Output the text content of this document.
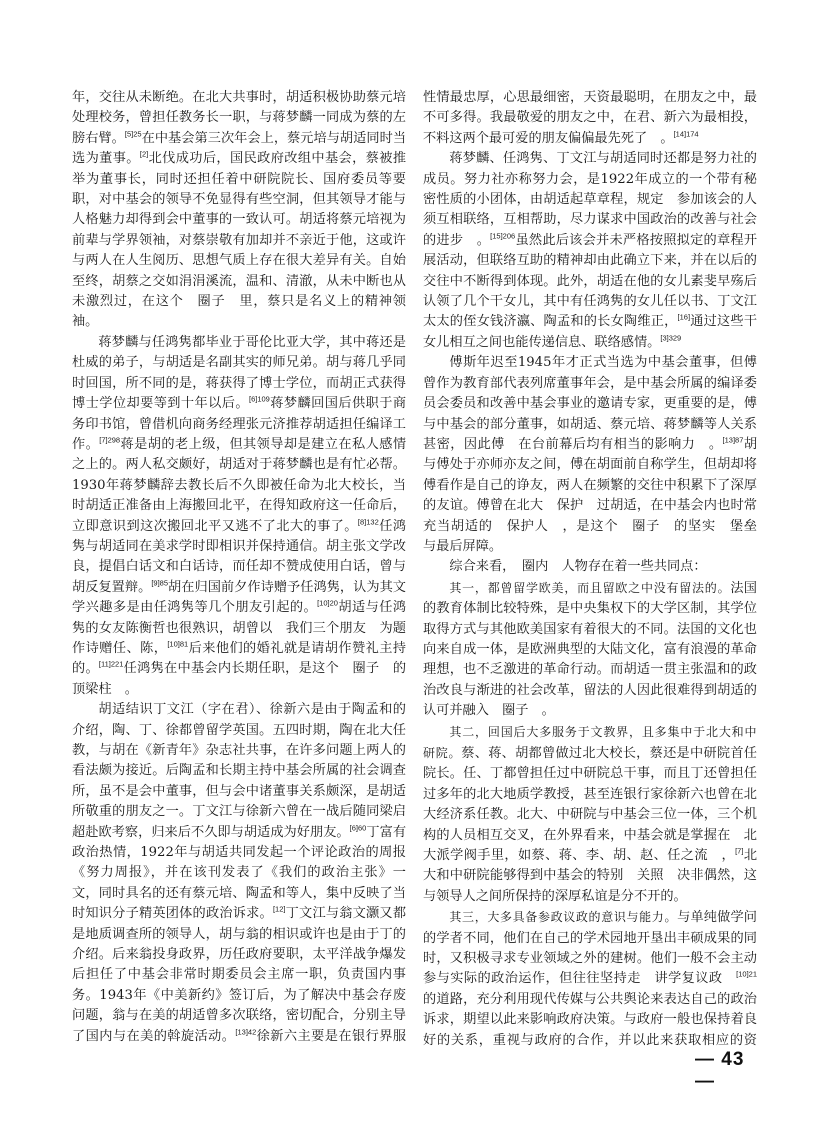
年，交往从未断绝。在北大共事时，胡适积极协助蔡元培处理校务，曾担任教务长一职，与蒋梦麟一同成为蔡的左膀右臂。$^{[5]25}$在中基会第三次年会上，蔡元培与胡适同时当选为董事。[2]北伐成功后，国民政府改组中基会，蔡被推举为董事长，同时还担任着中研院院长、国府委员等要职，对中基会的领导不免显得有些空洞，但其领导才能与人格魅力却得到会中董事的一致认可。胡适将蔡元培视为前辈与学界领袖，对蔡崇敬有加却并不亲近于他，这或许与两人在人生阅历、思想气质上存在很大差异有关。自始至终，胡蔡之交如涓涓溪流，温和、清澈，从未中断也从未激烈过，在这个　圈子　里，蔡只是名义上的精神领袖。

蒋梦麟与任鸿隽都毕业于哥伦比亚大学，其中蒋还是杜威的弟子，与胡适是名副其实的师兄弟。胡与蒋几乎同时回国，所不同的是，蒋获得了博士学位，而胡正式获得博士学位却要等到十年以后。$^{[6]109}$蒋梦麟回国后供职于商务印书馆，曾借机向商务经理张元济推荐胡适担任编译工作。$^{[7]298}$蒋是胡的老上级，但其领导却是建立在私人感情之上的。两人私交颇好，胡适对于蒋梦麟也是有忙必帮。1930年蒋梦麟辞去教长后不久即被任命为北大校长，当时胡适正准备由上海搬回北平，在得知政府这一任命后，立即意识到这次搬回北平又逃不了北大的事了。$^{[8]132}$任鸿隽与胡适同在美求学时即相识并保持通信。胡主张文学改良，提倡白话文和白话诗，而任却不赞成使用白话，曾与胡反复置辩。$^{[9]85}$胡在归国前夕作诗赠予任鸿隽，认为其文学兴趣多是由任鸿隽等几个朋友引起的。$^{[10]20}$胡适与任鸿隽的女友陈衡哲也很熟识，胡曾以　我们三个朋友　为题作诗赠任、陈，$^{[10]81}$后来他们的婚礼就是请胡作赞礼主持的。$^{[11]221}$任鸿隽在中基会内长期任职，是这个　圈子　的　顶梁柱　。

胡适结识丁文江（字在君）、徐新六是由于陶孟和的介绍，陶、丁、徐都曾留学英国。五四时期，陶在北大任教，与胡在《新青年》杂志社共事，在许多问题上两人的看法颇为接近。后陶孟和长期主持中基会所属的社会调查所，虽不是会中董事，但与会中诸董事关系颇深，是胡适所敬重的朋友之一。丁文江与徐新六曾在一战后随同梁启超赴欧考察，归来后不久即与胡适成为好朋友。$^{[6]60}$丁富有政治热情，1922年与胡适共同发起一个评论政治的周报　《努力周报》，并在该刊发表了《我们的政治主张》一文，同时具名的还有蔡元培、陶孟和等人，集中反映了当时知识分子精英团体的政治诉求。[12]丁文江与翁文灏又都是地质调查所的领导人，胡与翁的相识或许也是由于丁的介绍。后来翁投身政界，历任政府要职，太平洋战争爆发后担任了中基会非常时期委员会主席一职，负责国内事务。1943年《中美新约》签订后，为了解决中基会存废问题，翁与在美的胡适曾多次联络，密切配合，分别主导了国内与在美的斡旋活动。$^{[13]42}$徐新六主要是在银行界服

性情最忠厚，心思最细密，天资最聪明，在朋友之中，最不可多得。我最敬爱的朋友之中，在君、新六为最相投，不料这两个最可爱的朋友偏偏最先死了　。$^{[14]174}$

蒋梦麟、任鸿隽、丁文江与胡适同时还都是努力社的成员。努力社亦称努力会，是1922年成立的一个带有秘密性质的小团体，由胡适起草章程，规定　参加该会的人须互相联络，互相帮助，尽力谋求中国政治的改善与社会的进步　。$^{[15]206}$虽然此后该会并未严格按照拟定的章程开展活动，但联络互助的精神却由此确立下来，并在以后的交往中不断得到体现。此外，胡适在他的女儿素斐早殇后认领了几个干女儿，其中有任鸿隽的女儿任以书、丁文江太太的侄女钱济瀛、陶孟和的长女陶维正，[16]通过这些干女儿相互之间也能传递信息、联络感情。$^{[3]329}$

傅斯年迟至1945年才正式当选为中基会董事，但傅曾作为教育部代表列席董事年会，是中基会所属的编译委员会委员和改善中基会事业的邀请专家，更重要的是，傅与中基会的部分董事，如胡适、蔡元培、蒋梦麟等人关系甚密，因此傅　在台前幕后均有相当的影响力　。$^{[13]87}$胡与傅处于亦师亦友之间，傅在胡面前自称学生，但胡却将傅看作是自己的诤友，两人在频繁的交往中积累下了深厚的友谊。傅曾在北大　保护　过胡适，在中基会内也时常充当胡适的　保护人　，是这个　圈子　的坚实　堡垒　与最后屏障。

综合来看，　圈内　人物存在着一些共同点：

其一，都曾留学欧美，而且留欧之中没有留法的。法国的教育体制比较特殊，是中央集权下的大学区制，其学位取得方式与其他欧美国家有着很大的不同。法国的文化也向来自成一体，是欧洲典型的大陆文化，富有浪漫的革命理想，也不乏激进的革命行动。而胡适一贯主张温和的政治改良与渐进的社会改革，留法的人因此很难得到胡适的认可并融入　圈子　。

其二，回国后大多服务于文教界，且多集中于北大和中研院。蔡、蒋、胡都曾做过北大校长，蔡还是中研院首任院长。任、丁都曾担任过中研院总干事，而且丁还曾担任过多年的北大地质学教授，甚至连银行家徐新六也曾在北大经济系任教。北大、中研院与中基会三位一体，三个机构的人员相互交叉，在外界看来，中基会就是掌握在　北大派学阀手里，如蔡、蒋、李、胡、赵、任之流　，[7]北大和中研院能够得到中基会的特别　关照　决非偶然，这与领导人之间所保持的深厚私谊是分不开的。

其三，大多具备参政议政的意识与能力。与单纯做学问的学者不同，他们在自己的学术园地开垦出丰硕成果的同时，又积极寻求专业领域之外的建树。他们一般不会主动参与实际的政治运作，但往往坚持走　讲学复议政　$^{[10]21}$的道路，充分利用现代传媒与公共舆论来表达自己的政治诉求，期望以此来影响政府决策。与政府一般也保持着良好的关系，重视与政府的合作，并以此来获取相应的资

— 43 —
